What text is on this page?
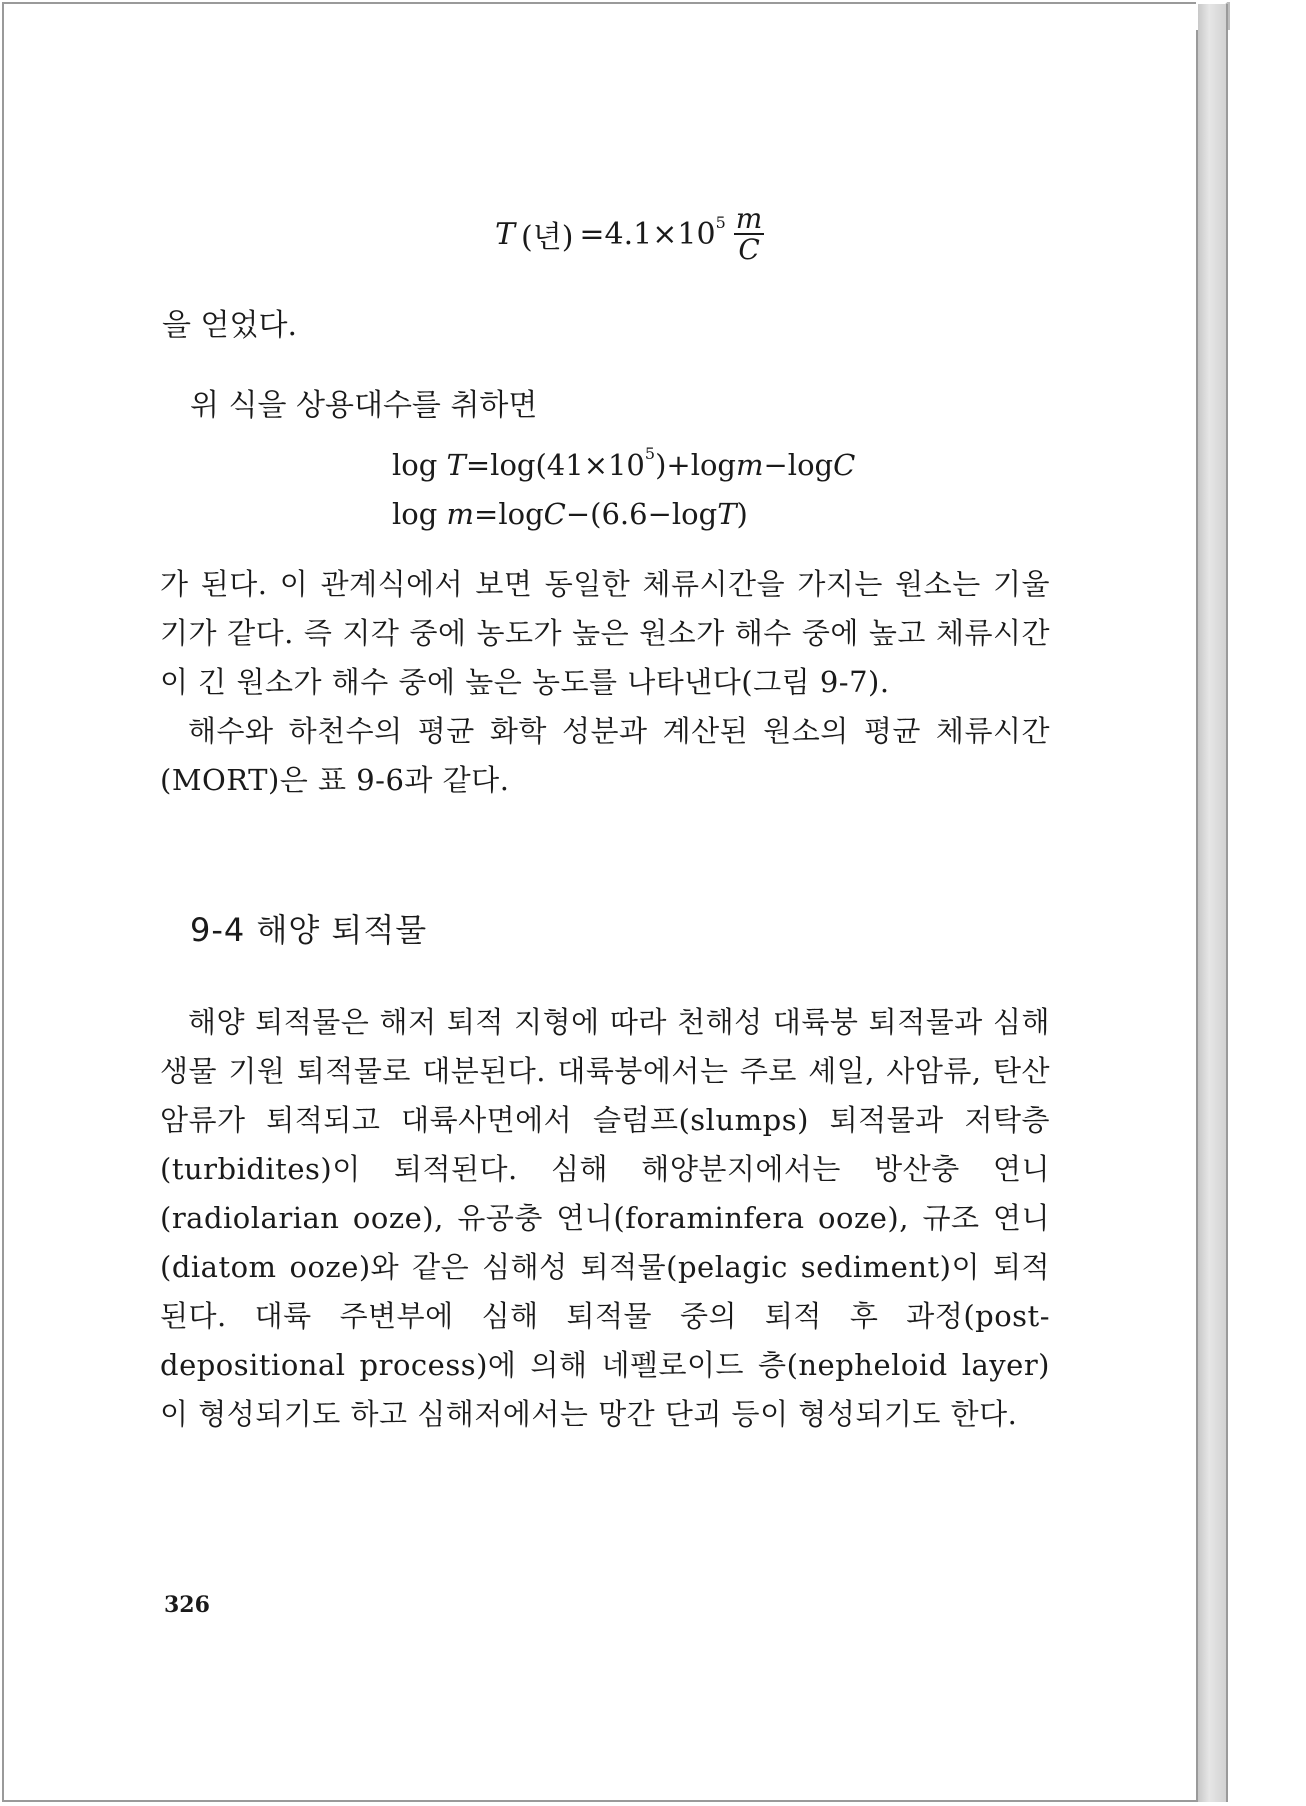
T (년) $=4.1\times 10^5 \frac{m}{C}$
을 얻었다.
위 식을 상용대수를 취하면
$\log T=\log(41\times 10^5)+\log m-\log C$
log m=logC−(6.6−logT)
가 된다. 이 관계식에서 보면 동일한 체류시간을 가지는 원소는 기울기가 같다. 즉 지각 중에 농도가 높은 원소가 해수 중에 높고 체류시간이 긴 원소가 해수 중에 높은 농도를 나타낸다(그림 9-7).
해수와 하천수의 평균 화학 성분과 계산된 원소의 평균 체류시간 (MORT)은 표 9-6과 같다.
9-4 해양 퇴적물
해양 퇴적물은 해저 퇴적 지형에 따라 천해성 대륙붕 퇴적물과 심해 생물 기원 퇴적물로 대분된다. 대륙붕에서는 주로 셰일, 사암류, 탄산암류가 퇴적되고 대륙사면에서 슬럼프(slumps) 퇴적물과 저탁층(turbidites)이 퇴적된다. 심해 해양분지에서는 방산충 연니(radiolarian ooze), 유공충 연니(foraminfera ooze), 규조 연니(diatom ooze)와 같은 심해성 퇴적물(pelagic sediment)이 퇴적된다. 대륙 주변부에 심해 퇴적물 중의 퇴적 후 과정(post-depositional process)에 의해 네펠로이드 층(nepheloid layer)이 형성되기도 하고 심해저에서는 망간 단괴 등이 형성되기도 한다.
326
